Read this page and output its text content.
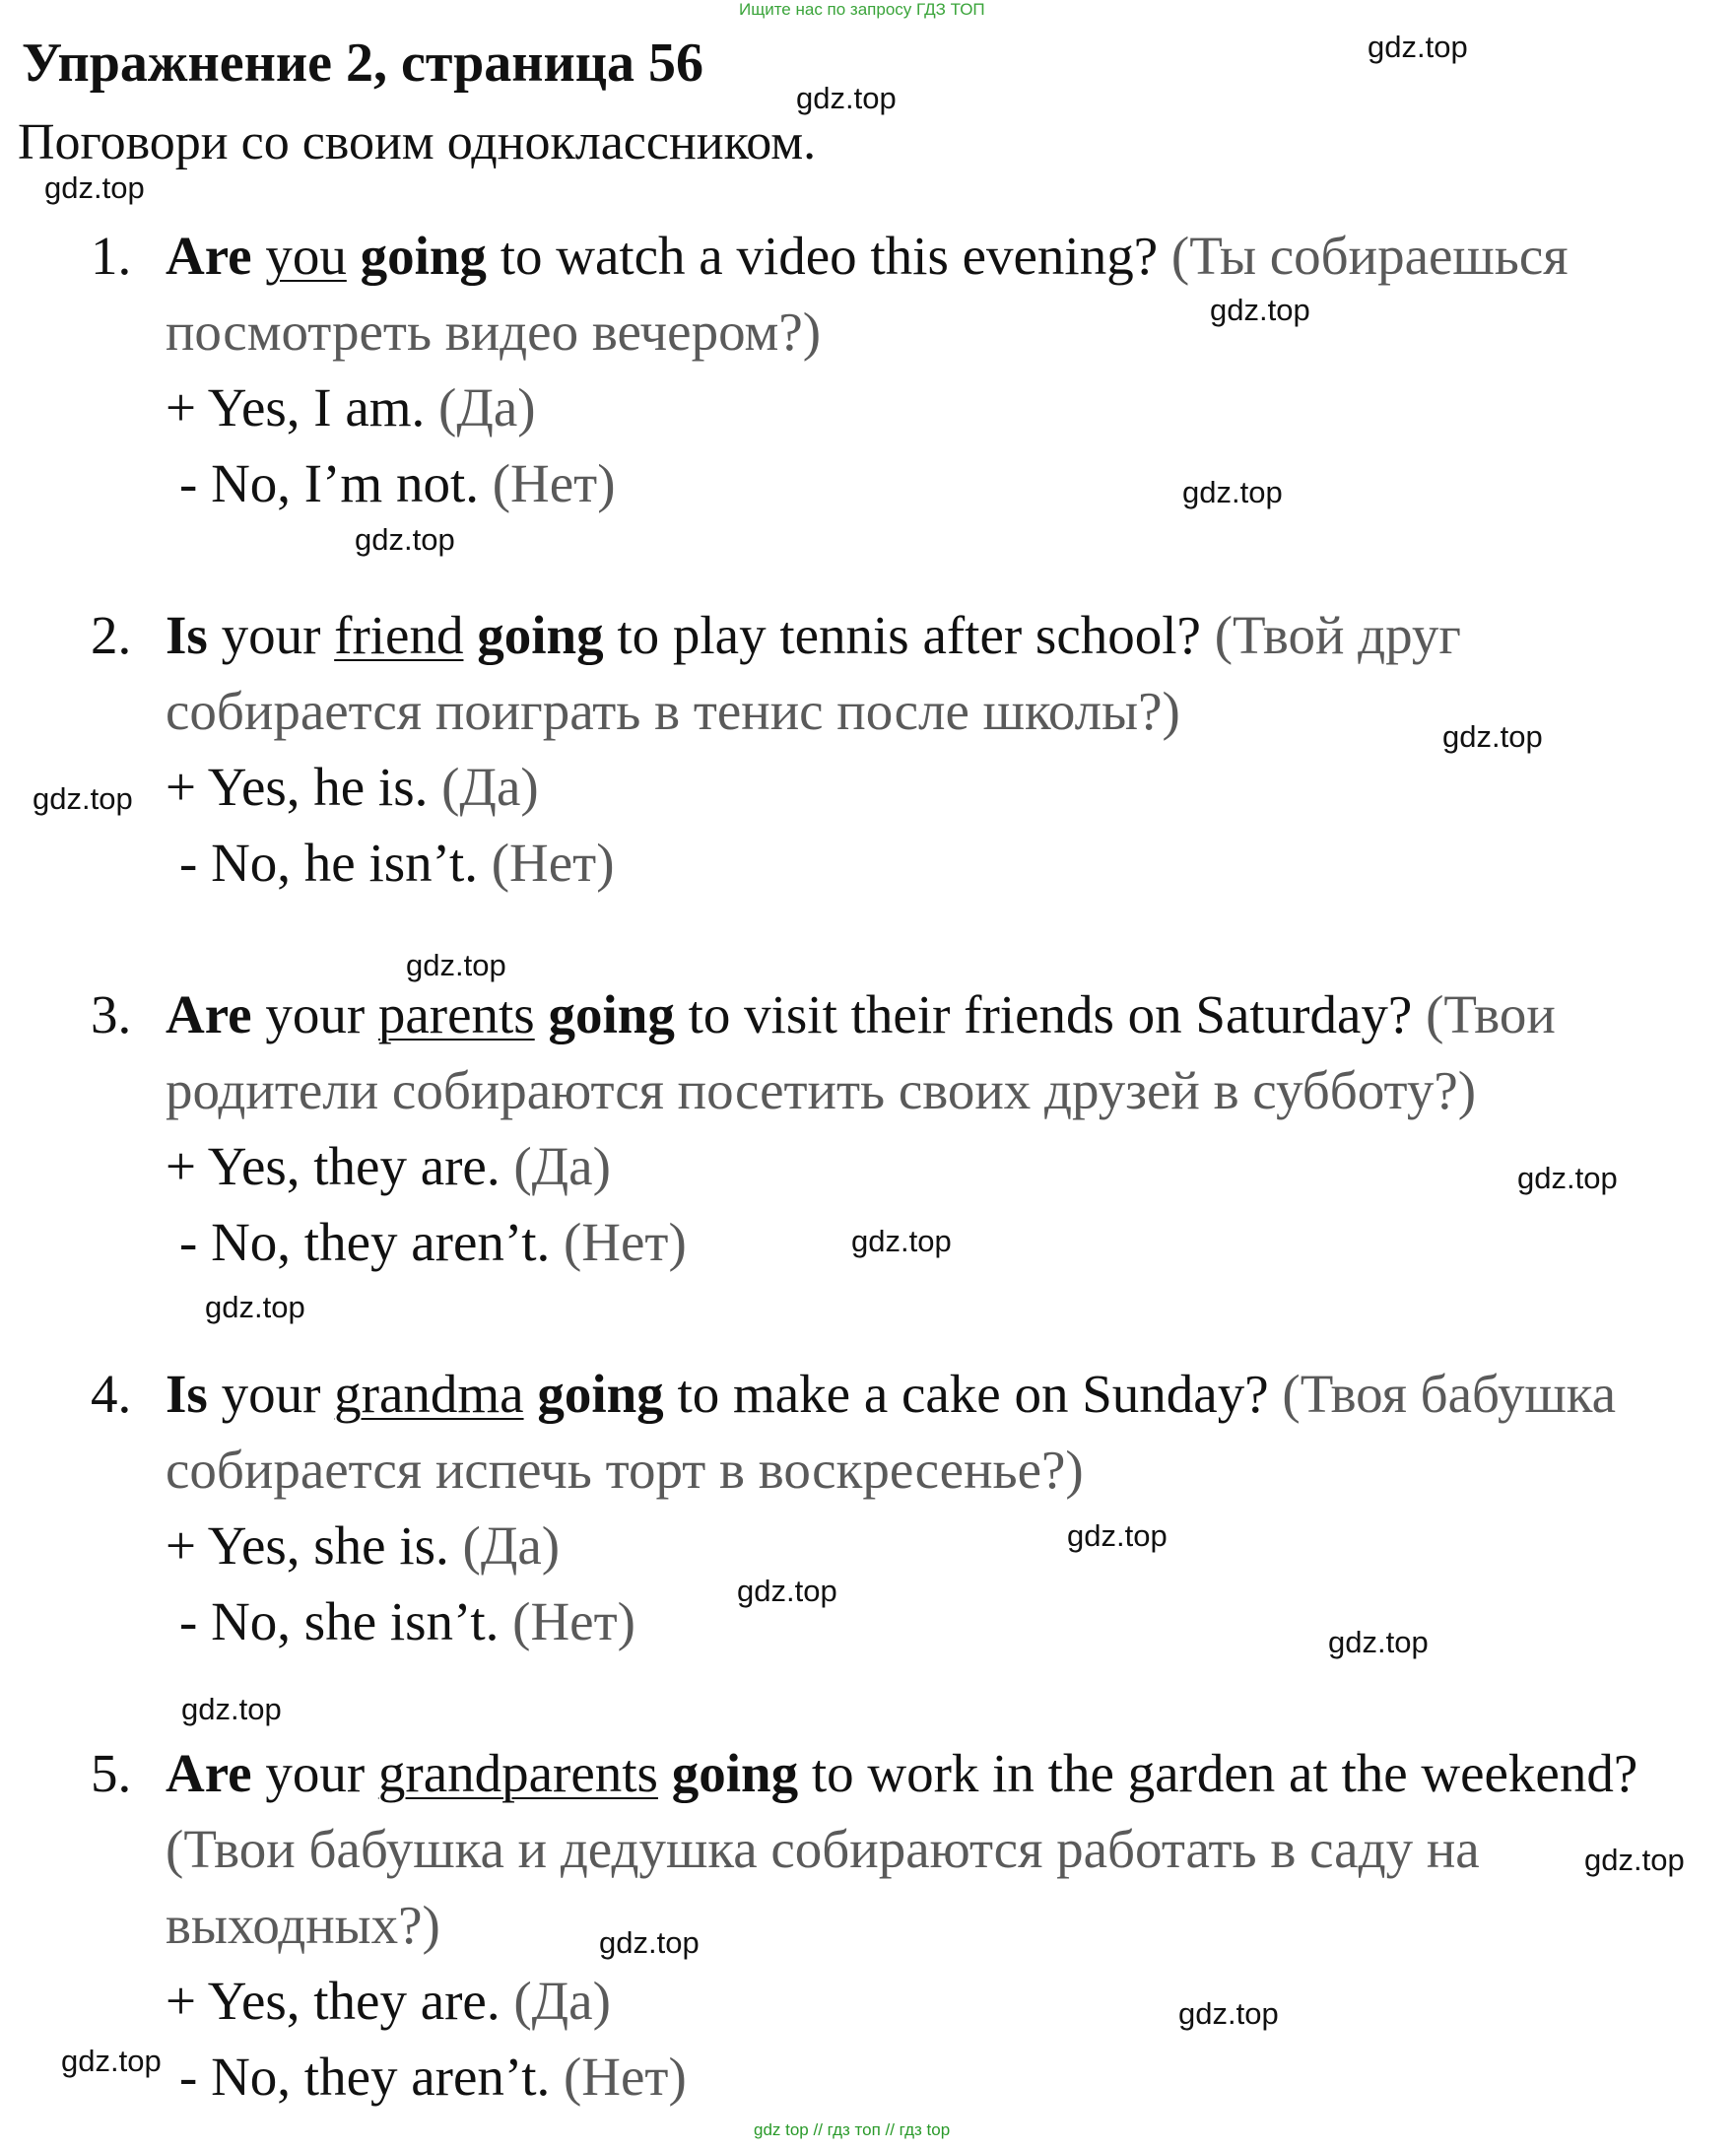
Ищите нас по запросу ГДЗ ТОП
Упражнение 2, страница 56
Поговори со своим одноклассником.
1. Are you going to watch a video this evening? (Ты собираешься
посмотреть видео вечером?)
+ Yes, I am. (Да)
- No, I’m not. (Нет)
2. Is your friend going to play tennis after school? (Твой друг
собирается поиграть в тенис после школы?)
+ Yes, he is. (Да)
- No, he isn’t. (Нет)
3. Are your parents going to visit their friends on Saturday? (Твои
родители собираются посетить своих друзей в субботу?)
+ Yes, they are. (Да)
- No, they aren’t. (Нет)
4. Is your grandma going to make a cake on Sunday? (Твоя бабушка
собирается испечь торт в воскресенье?)
+ Yes, she is. (Да)
- No, she isn’t. (Нет)
5. Are your grandparents going to work in the garden at the weekend?
(Твои бабушка и дедушка собираются работать в саду на
выходных?)
+ Yes, they are. (Да)
- No, they aren’t. (Нет)
gdz.top
gdz.top
gdz.top
gdz.top
gdz.top
gdz.top
gdz.top
gdz.top
gdz.top
gdz.top
gdz.top
gdz.top
gdz.top
gdz.top
gdz.top
gdz.top
gdz.top
gdz.top
gdz.top
gdz.top
gdz top // гдз топ // гдз top
